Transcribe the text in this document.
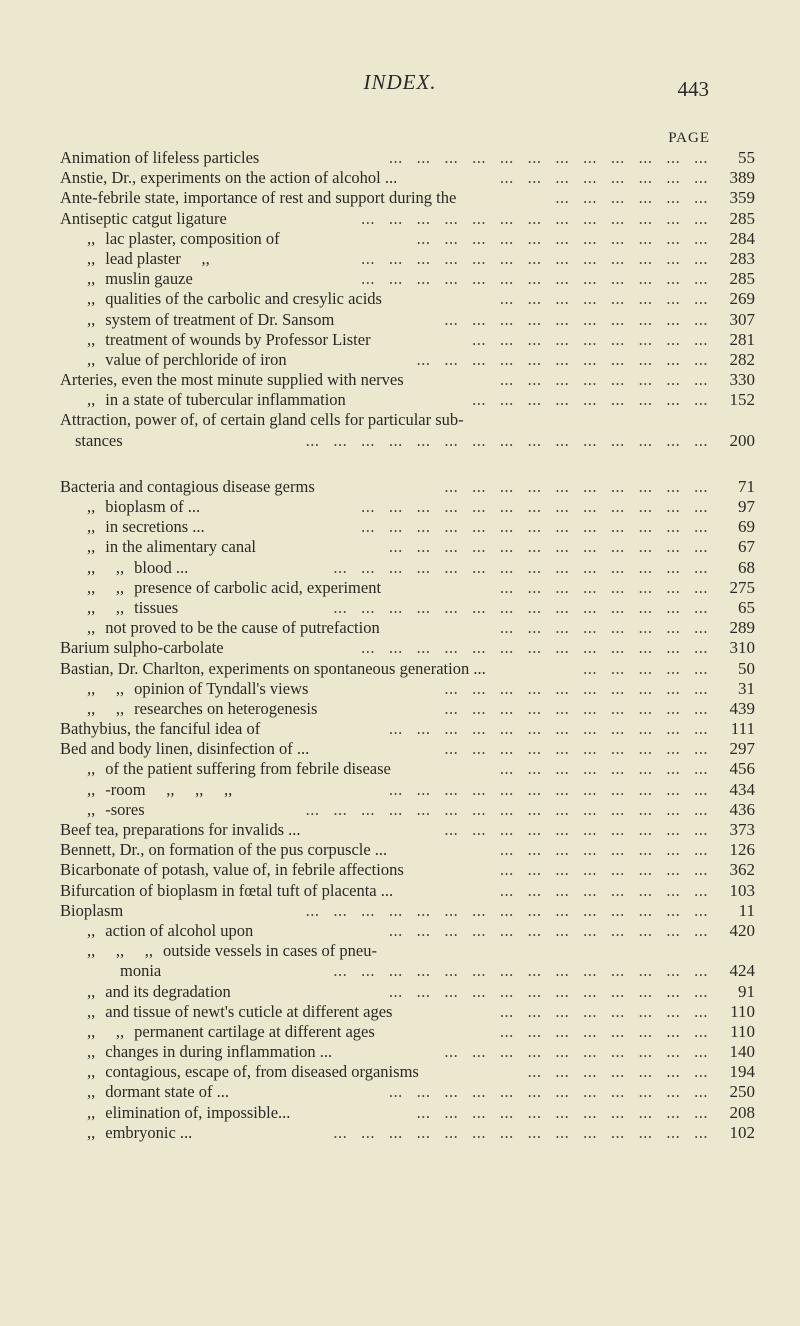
INDEX.	443
PAGE
Animation of lifeless particles	55
...   ...   ...   ...   ...   ...   ...   ...   ...   ...   ...   ...
Anstie, Dr., experiments on the action of alcohol ...	389
...   ...   ...   ...   ...   ...   ...   ...
Ante-febrile state, importance of rest and support during the	359
...   ...   ...   ...   ...   ...
Antiseptic catgut ligature	285
...   ...   ...   ...   ...   ...   ...   ...   ...   ...   ...   ...   ...
,, lac plaster, composition of	284
...   ...   ...   ...   ...   ...   ...   ...   ...   ...   ...
,, lead plaster     ,,	283
...   ...   ...   ...   ...   ...   ...   ...   ...   ...   ...   ...   ...
,, muslin gauze	285
...   ...   ...   ...   ...   ...   ...   ...   ...   ...   ...   ...   ...
,, qualities of the carbolic and cresylic acids	269
...   ...   ...   ...   ...   ...   ...   ...
,, system of treatment of Dr. Sansom	307
...   ...   ...   ...   ...   ...   ...   ...   ...   ...
,, treatment of wounds by Professor Lister	281
...   ...   ...   ...   ...   ...   ...   ...   ...
,, value of perchloride of iron	282
...   ...   ...   ...   ...   ...   ...   ...   ...   ...   ...
Arteries, even the most minute supplied with nerves	330
...   ...   ...   ...   ...   ...   ...   ...
,, in a state of tubercular inflammation	152
...   ...   ...   ...   ...   ...   ...   ...   ...
Attraction, power of, of certain gland cells for particular sub-
stances	200
...   ...   ...   ...   ...   ...   ...   ...   ...   ...   ...   ...   ...   ...   ...
Bacteria and contagious disease germs	71
...   ...   ...   ...   ...   ...   ...   ...   ...   ...
,, bioplasm of ...	97
...   ...   ...   ...   ...   ...   ...   ...   ...   ...   ...   ...   ...
,, in secretions ...	69
...   ...   ...   ...   ...   ...   ...   ...   ...   ...   ...   ...   ...
,, in the alimentary canal	67
...   ...   ...   ...   ...   ...   ...   ...   ...   ...   ...   ...
,,     ,, blood ...	68
...   ...   ...   ...   ...   ...   ...   ...   ...   ...   ...   ...   ...   ...
,,     ,, presence of carbolic acid, experiment	275
...   ...   ...   ...   ...   ...   ...   ...
,,     ,, tissues	65
...   ...   ...   ...   ...   ...   ...   ...   ...   ...   ...   ...   ...   ...
,, not proved to be the cause of putrefaction	289
...   ...   ...   ...   ...   ...   ...   ...
Barium sulpho-carbolate	310
...   ...   ...   ...   ...   ...   ...   ...   ...   ...   ...   ...   ...
Bastian, Dr. Charlton, experiments on spontaneous generation ...	50
...   ...   ...   ...   ...
,,     ,, opinion of Tyndall's views	31
...   ...   ...   ...   ...   ...   ...   ...   ...   ...
,,     ,, researches on heterogenesis	439
...   ...   ...   ...   ...   ...   ...   ...   ...   ...
Bathybius, the fanciful idea of	111
...   ...   ...   ...   ...   ...   ...   ...   ...   ...   ...   ...
Bed and body linen, disinfection of ...	297
...   ...   ...   ...   ...   ...   ...   ...   ...   ...
,, of the patient suffering from febrile disease	456
...   ...   ...   ...   ...   ...   ...   ...
,, -room     ,,     ,,     ,,	434
...   ...   ...   ...   ...   ...   ...   ...   ...   ...   ...   ...
,, -sores	436
...   ...   ...   ...   ...   ...   ...   ...   ...   ...   ...   ...   ...   ...   ...
Beef tea, preparations for invalids ...	373
...   ...   ...   ...   ...   ...   ...   ...   ...   ...
Bennett, Dr., on formation of the pus corpuscle ...	126
...   ...   ...   ...   ...   ...   ...   ...
Bicarbonate of potash, value of, in febrile affections	362
...   ...   ...   ...   ...   ...   ...   ...
Bifurcation of bioplasm in fœtal tuft of placenta ...	103
...   ...   ...   ...   ...   ...   ...   ...
Bioplasm	11
...   ...   ...   ...   ...   ...   ...   ...   ...   ...   ...   ...   ...   ...   ...
,, action of alcohol upon	420
...   ...   ...   ...   ...   ...   ...   ...   ...   ...   ...   ...
,,     ,,     ,, outside vessels in cases of pneu-
monia	424
...   ...   ...   ...   ...   ...   ...   ...   ...   ...   ...   ...   ...   ...
,, and its degradation	91
...   ...   ...   ...   ...   ...   ...   ...   ...   ...   ...   ...
,, and tissue of newt's cuticle at different ages	110
...   ...   ...   ...   ...   ...   ...   ...
,,     ,, permanent cartilage at different ages	110
...   ...   ...   ...   ...   ...   ...   ...
,, changes in during inflammation ...	140
...   ...   ...   ...   ...   ...   ...   ...   ...   ...
,, contagious, escape of, from diseased organisms	194
...   ...   ...   ...   ...   ...   ...
,, dormant state of ...	250
...   ...   ...   ...   ...   ...   ...   ...   ...   ...   ...   ...
,, elimination of, impossible...	208
...   ...   ...   ...   ...   ...   ...   ...   ...   ...   ...
,, embryonic ...	102
...   ...   ...   ...   ...   ...   ...   ...   ...   ...   ...   ...   ...   ...
